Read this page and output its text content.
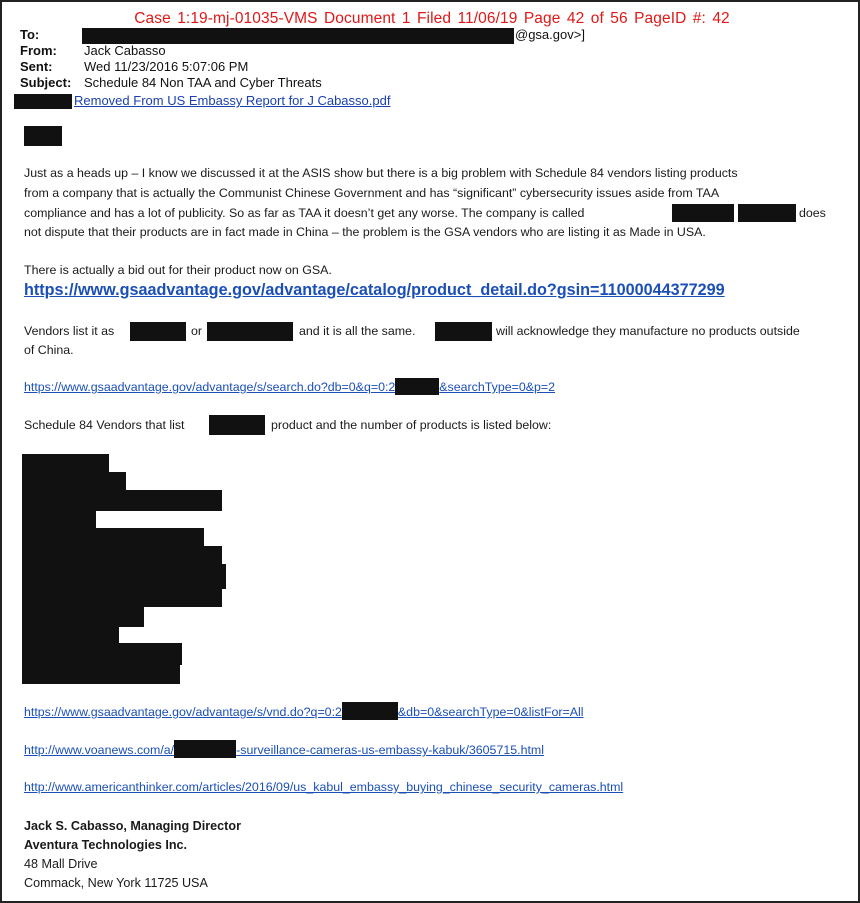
Case 1:19-mj-01035-VMS Document 1 Filed 11/06/19 Page 42 of 56 PageID #: 42
To:	@gsa.gov>]
From: Jack Cabasso
Sent: Wed 11/23/2016 5:07:06 PM
Subject: Schedule 84 Non TAA and Cyber Threats
Removed From US Embassy Report for J Cabasso.pdf
Just as a heads up – I know we discussed it at the ASIS show but there is a big problem with Schedule 84 vendors listing products
from a company that is actually the Communist Chinese Government and has “significant” cybersecurity issues aside from TAA
compliance and has a lot of publicity. So as far as TAA it doesn’t get any worse. The company is called	does
not dispute that their products are in fact made in China – the problem is the GSA vendors who are listing it as Made in USA.
There is actually a bid out for their product now on GSA.
https://www.gsaadvantage.gov/advantage/catalog/product_detail.do?gsin=11000044377299
Vendors list it as	or	and it is all the same.	will acknowledge they manufacture no products outside
of China.
https://www.gsaadvantage.gov/advantage/s/search.do?db=0&q=0:2	&searchType=0&p=2
Schedule 84 Vendors that list	product and the number of products is listed below:
https://www.gsaadvantage.gov/advantage/s/vnd.do?q=0:2	&db=0&searchType=0&listFor=All
http://www.voanews.com/a/	-surveillance-cameras-us-embassy-kabuk/3605715.html
http://www.americanthinker.com/articles/2016/09/us_kabul_embassy_buying_chinese_security_cameras.html
Jack S. Cabasso, Managing Director
Aventura Technologies Inc.
48 Mall Drive
Commack, New York 11725 USA
